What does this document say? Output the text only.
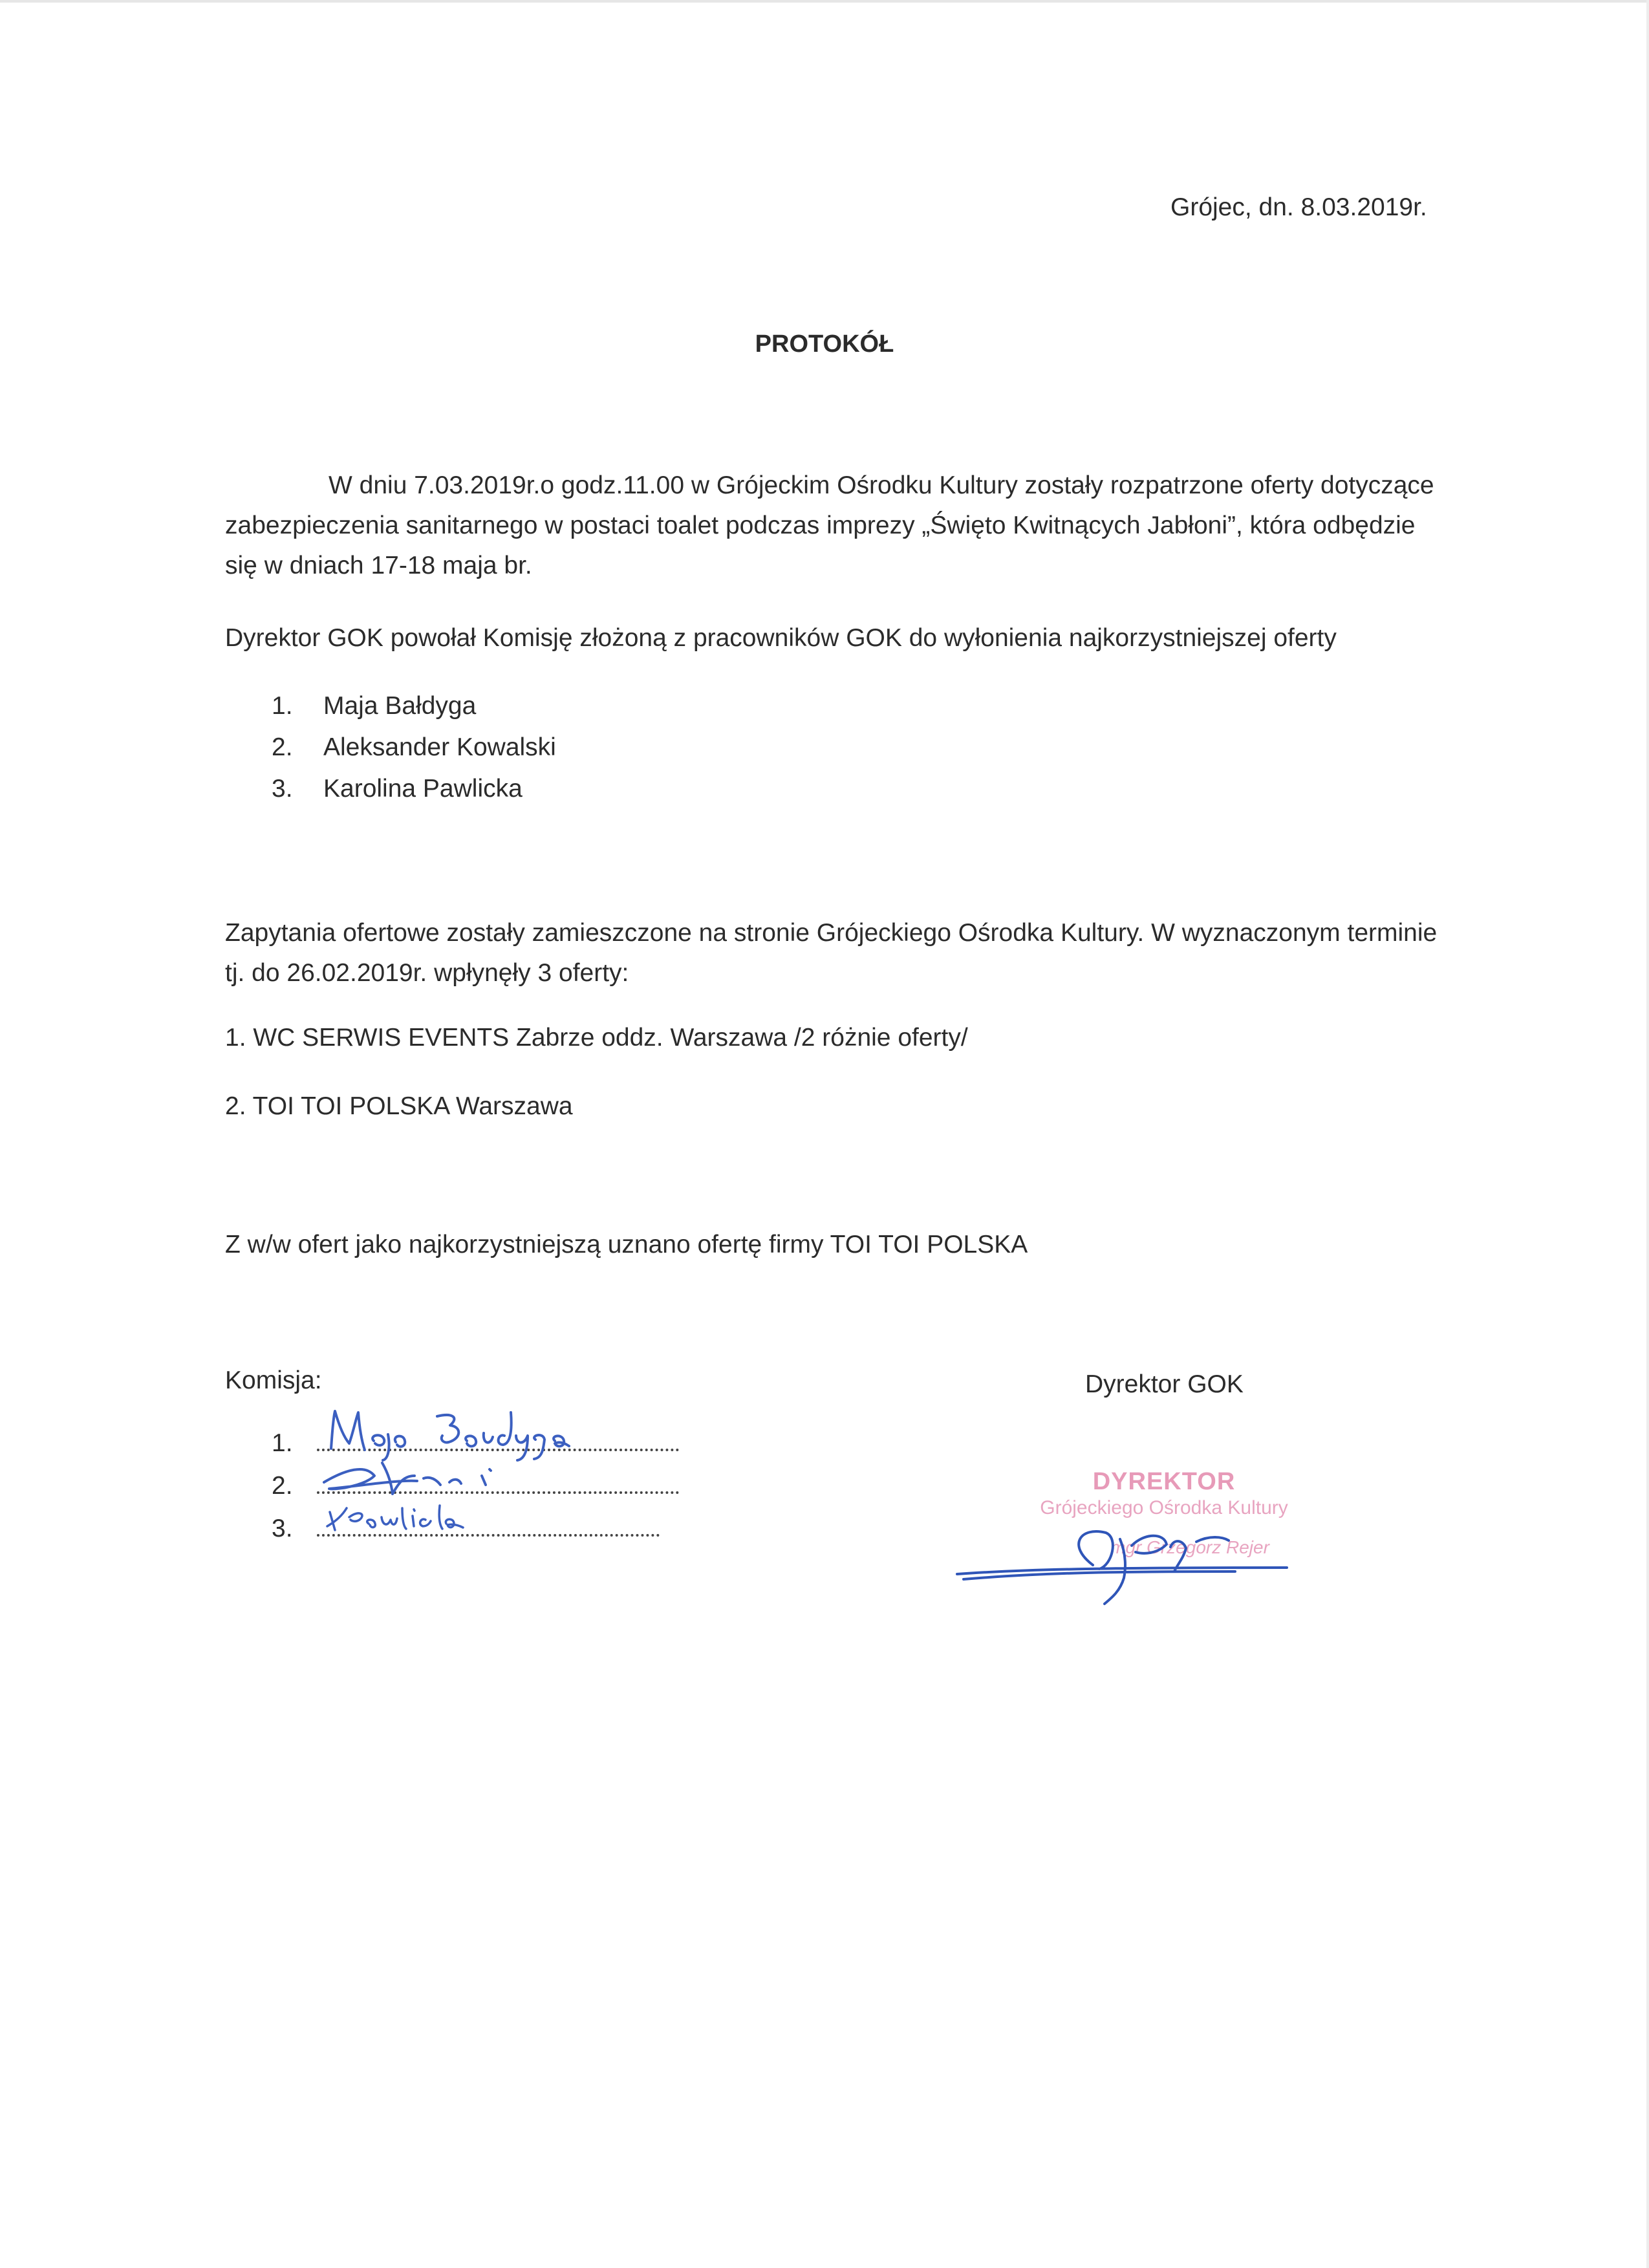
Grójec, dn. 8.03.2019r.
PROTOKÓŁ
W dniu 7.03.2019r.o godz.11.00 w Grójeckim Ośrodku Kultury zostały rozpatrzone oferty dotyczące zabezpieczenia sanitarnego w postaci toalet podczas imprezy „Święto Kwitnących Jabłoni”, która odbędzie się w dniach 17-18 maja br.
Dyrektor GOK powołał Komisję złożoną z pracowników GOK do wyłonienia najkorzystniejszej oferty
1. Maja Bałdyga
2. Aleksander Kowalski
3. Karolina Pawlicka
Zapytania ofertowe zostały zamieszczone na stronie Grójeckiego Ośrodka Kultury. W wyznaczonym terminie tj. do 26.02.2019r. wpłynęły 3 oferty:
1. WC SERWIS EVENTS Zabrze oddz. Warszawa /2 różnie oferty/
2. TOI TOI POLSKA Warszawa
Z w/w ofert jako najkorzystniejszą uznano ofertę firmy TOI TOI POLSKA
Komisja:	Dyrektor GOK
1.
2.
3.
DYREKTOR
Grójeckiego Ośrodka Kultury
mgr Grzegorz Rejer
